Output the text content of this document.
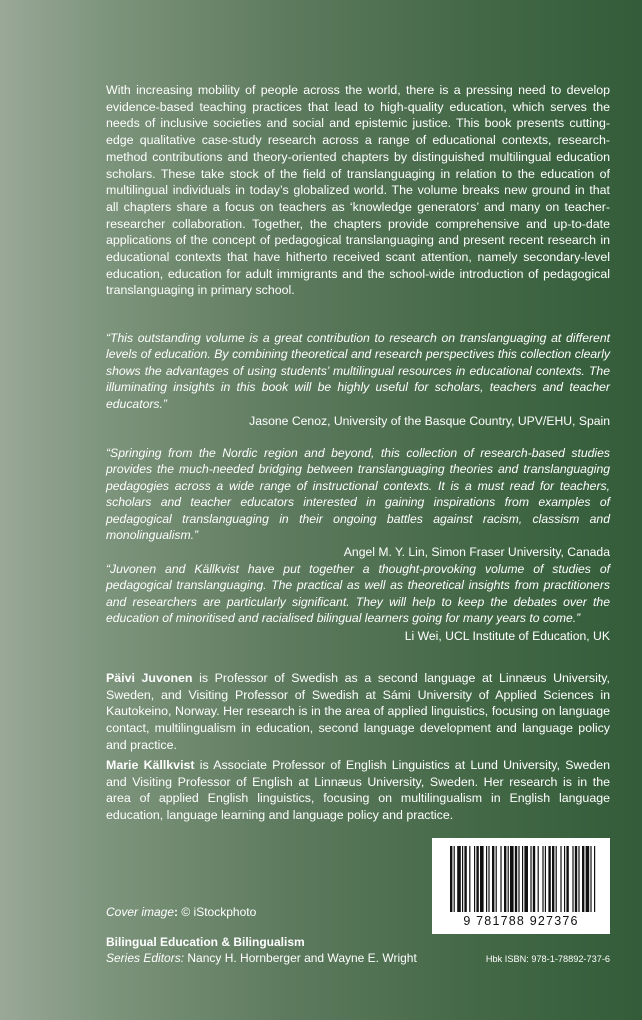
With increasing mobility of people across the world, there is a pressing need to develop evidence-based teaching practices that lead to high-quality education, which serves the needs of inclusive societies and social and epistemic justice. This book presents cutting-edge qualitative case-study research across a range of educational contexts, research-method contributions and theory-oriented chapters by distinguished multilingual education scholars. These take stock of the field of translanguaging in relation to the education of multilingual individuals in today’s globalized world. The volume breaks new ground in that all chapters share a focus on teachers as ‘knowledge generators’ and many on teacher-researcher collaboration. Together, the chapters provide comprehensive and up-to-date applications of the concept of pedagogical translanguaging and present recent research in educational contexts that have hitherto received scant attention, namely secondary-level education, education for adult immigrants and the school-wide introduction of pedagogical translanguaging in primary school.

“This outstanding volume is a great contribution to research on translanguaging at different levels of education. By combining theoretical and research perspectives this collection clearly shows the advantages of using students’ multilingual resources in educational contexts. The illuminating insights in this book will be highly useful for scholars, teachers and teacher educators.”

Jasone Cenoz, University of the Basque Country, UPV/EHU, Spain

“Springing from the Nordic region and beyond, this collection of research-based studies provides the much-needed bridging between translanguaging theories and translanguaging pedagogies across a wide range of instructional contexts. It is a must read for teachers, scholars and teacher educators interested in gaining inspirations from examples of pedagogical translanguaging in their ongoing battles against racism, classism and monolingualism.”

Angel M. Y. Lin, Simon Fraser University, Canada

“Juvonen and Källkvist have put together a thought-provoking volume of studies of pedagogical translanguaging. The practical as well as theoretical insights from practitioners and researchers are particularly significant. They will help to keep the debates over the education of minoritised and racialised bilingual learners going for many years to come.”

Li Wei, UCL Institute of Education, UK

Päivi Juvonen is Professor of Swedish as a second language at Linnæus University, Sweden, and Visiting Professor of Swedish at Sámi University of Applied Sciences in Kautokeino, Norway. Her research is in the area of applied linguistics, focusing on language contact, multilingualism in education, second language development and language policy and practice.

Marie Källkvist is Associate Professor of English Linguistics at Lund University, Sweden and Visiting Professor of English at Linnæus University, Sweden. Her research is in the area of applied English linguistics, focusing on multilingualism in English language education, language learning and language policy and practice.

Cover image: © iStockphoto
Bilingual Education & Bilingualism
Series Editors: Nancy H. Hornberger and Wayne E. Wright
9 781788 927376
Hbk ISBN: 978-1-78892-737-6
